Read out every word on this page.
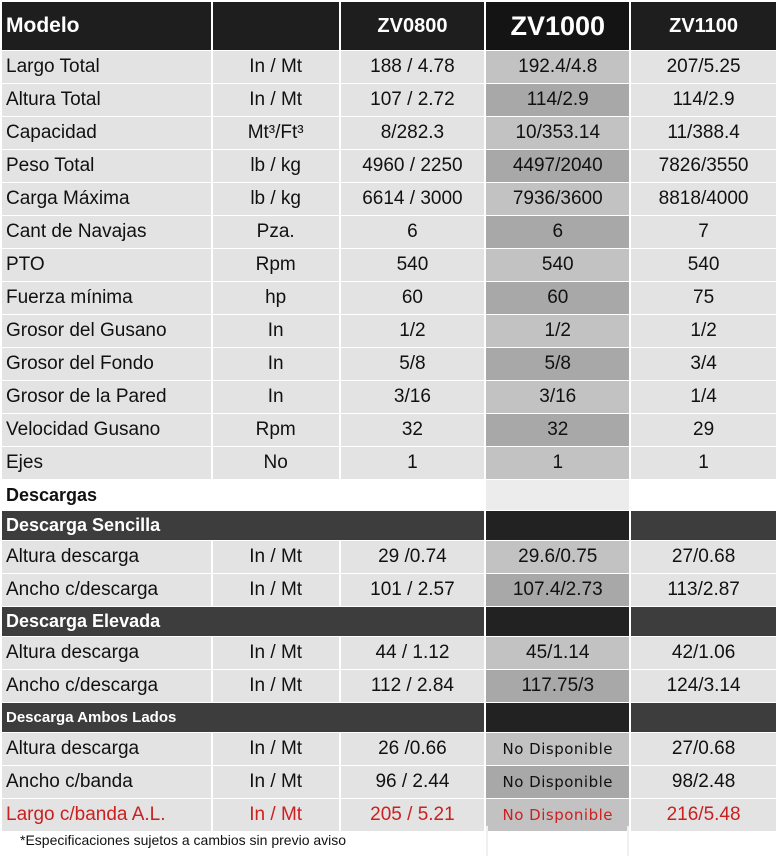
Modelo		ZV0800	ZV1000	ZV1100
Largo Total	In / Mt	188 / 4.78	192.4/4.8	207/5.25
Altura Total	In / Mt	107 / 2.72	114/2.9	114/2.9
Capacidad	Mt³/Ft³	8/282.3	10/353.14	11/388.4
Peso Total	lb / kg	4960 / 2250	4497/2040	7826/3550
Carga Máxima	lb / kg	6614 / 3000	7936/3600	8818/4000
Cant de Navajas	Pza.	6	6	7
PTO	Rpm	540	540	540
Fuerza mínima	hp	60	60	75
Grosor del Gusano	In	1/2	1/2	1/2
Grosor del Fondo	In	5/8	5/8	3/4
Grosor de la Pared	In	3/16	3/16	1/4
Velocidad Gusano	Rpm	32	32	29
Ejes	No	1	1	1
Descargas				
Descarga Sencilla				
Altura descarga	In / Mt	29 /0.74	29.6/0.75	27/0.68
Ancho c/descarga	In / Mt	101 / 2.57	107.4/2.73	113/2.87
Descarga Elevada				
Altura descarga	In / Mt	44 / 1.12	45/1.14	42/1.06
Ancho c/descarga	In / Mt	112 / 2.84	117.75/3	124/3.14
Descarga Ambos Lados				
Altura descarga	In / Mt	26 /0.66	No Disponible	27/0.68
Ancho c/banda	In / Mt	96 / 2.44	No Disponible	98/2.48
Largo c/banda A.L.	In / Mt	205 / 5.21	No Disponible	216/5.48
*Especificaciones sujetos a cambios sin previo aviso
